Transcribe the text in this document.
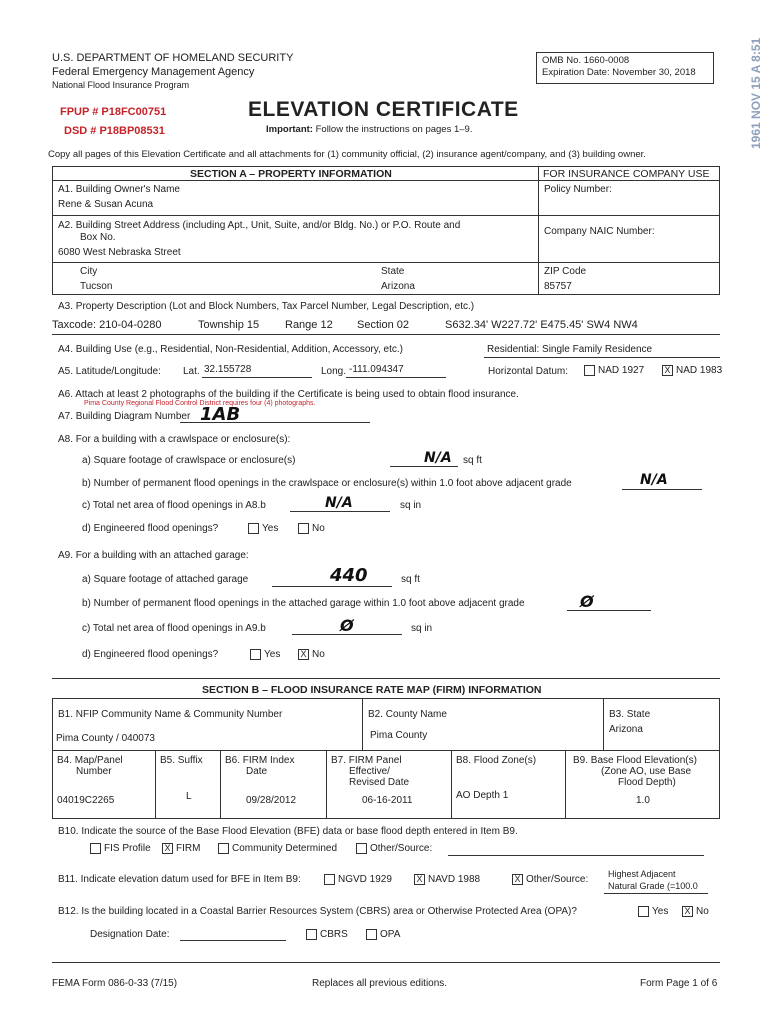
U.S. DEPARTMENT OF HOMELAND SECURITY
Federal Emergency Management Agency
National Flood Insurance Program
OMB No. 1660-0008
Expiration Date: November 30, 2018	1961 NOV 15 A 8:51
FPUP # P18FC00751
DSD # P18BP08531
ELEVATION CERTIFICATE
Important: Follow the instructions on pages 1–9.
Copy all pages of this Elevation Certificate and all attachments for (1) community official, (2) insurance agent/company, and (3) building owner.
SECTION A – PROPERTY INFORMATION	FOR INSURANCE COMPANY USE
A1. Building Owner's Name
Rene & Susan Acuna
Policy Number:
A2. Building Street Address (including Apt., Unit, Suite, and/or Bldg. No.) or P.O. Route and
Box No.
6080 West Nebraska Street
Company NAIC Number:
City
Tucson
State
Arizona
ZIP Code
85757
A3. Property Description (Lot and Block Numbers, Tax Parcel Number, Legal Description, etc.)
Taxcode: 210-04-0280	Township 15 Range 12 Section 02	S632.34' W227.72' E475.45' SW4 NW4
A4. Building Use (e.g., Residential, Non-Residential, Addition, Accessory, etc.)	Residential: Single Family Residence
A5. Latitude/Longitude: Lat. 32.155728	Long. -111.094347	Horizontal Datum:	NAD 1927 X NAD 1983
A6. Attach at least 2 photographs of the building if the Certificate is being used to obtain flood insurance.
Pima County Regional Flood Control District requires four (4) photographs.
A7. Building Diagram Number 1AB
A8. For a building with a crawlspace or enclosure(s):
a) Square footage of crawlspace or enclosure(s)	N/A sq ft
b) Number of permanent flood openings in the crawlspace or enclosure(s) within 1.0 foot above adjacent grade	N/A
c) Total net area of flood openings in A8.b	N/A	sq in
d) Engineered flood openings?	Yes	No
A9. For a building with an attached garage:
a) Square footage of attached garage	440	sq ft
b) Number of permanent flood openings in the attached garage within 1.0 foot above adjacent grade	Ø
c) Total net area of flood openings in A9.b	Ø	sq in
d) Engineered flood openings?	Yes X No
SECTION B – FLOOD INSURANCE RATE MAP (FIRM) INFORMATION
B1. NFIP Community Name & Community Number
Pima County / 040073
B2. County Name
Pima County
B3. State
Arizona
B4. Map/Panel
Number
04019C2265
B5. Suffix
L
B6. FIRM Index
Date
09/28/2012
B7. FIRM Panel
Effective/
Revised Date
06-16-2011
B8. Flood Zone(s)
AO Depth 1
B9. Base Flood Elevation(s)
(Zone AO, use Base
Flood Depth)
1.0
B10. Indicate the source of the Base Flood Elevation (BFE) data or base flood depth entered in Item B9.
FIS Profile X FIRM	Community Determined	Other/Source:
B11. Indicate elevation datum used for BFE in Item B9:	NGVD 1929	X NAVD 1988	X Other/Source:
Highest Adjacent
Natural Grade (=100.0
B12. Is the building located in a Coastal Barrier Resources System (CBRS) area or Otherwise Protected Area (OPA)?	Yes X No
Designation Date:	CBRS	OPA
FEMA Form 086-0-33 (7/15)	Replaces all previous editions.	Form Page 1 of 6
